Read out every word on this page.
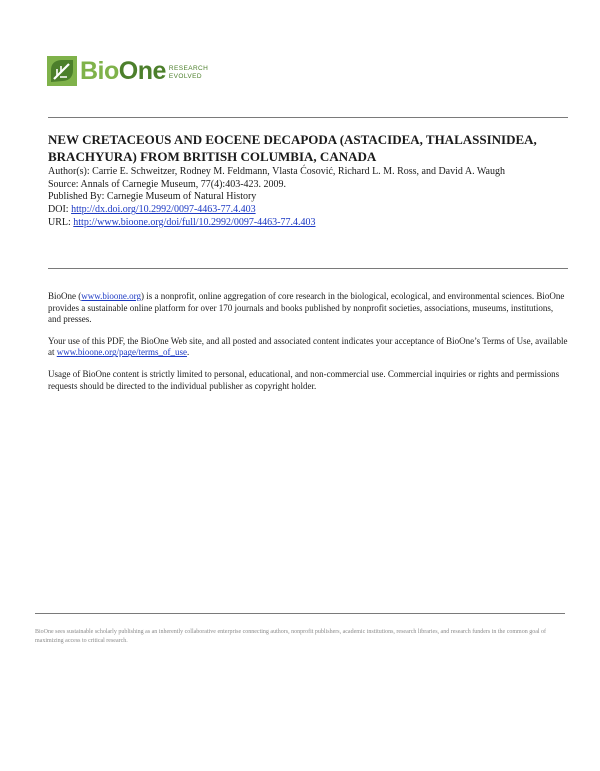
BioOne RESEARCH
EVOLVED
NEW CRETACEOUS AND EOCENE DECAPODA (ASTACIDEA, THALASSINIDEA, BRACHYURA) FROM BRITISH COLUMBIA, CANADA
Author(s): Carrie E. Schweitzer, Rodney M. Feldmann, Vlasta Ćosović, Richard L. M. Ross, and David A. Waugh
Source: Annals of Carnegie Museum, 77(4):403-423. 2009.
Published By: Carnegie Museum of Natural History
DOI: http://dx.doi.org/10.2992/0097-4463-77.4.403
URL: http://www.bioone.org/doi/full/10.2992/0097-4463-77.4.403

BioOne (www.bioone.org) is a nonprofit, online aggregation of core research in the biological, ecological, and environmental sciences. BioOne provides a sustainable online platform for over 170 journals and books published by nonprofit societies, associations, museums, institutions, and presses.

Your use of this PDF, the BioOne Web site, and all posted and associated content indicates your acceptance of BioOne’s Terms of Use, available at www.bioone.org/page/terms_of_use.

Usage of BioOne content is strictly limited to personal, educational, and non-commercial use. Commercial inquiries or rights and permissions requests should be directed to the individual publisher as copyright holder.

BioOne sees sustainable scholarly publishing as an inherently collaborative enterprise connecting authors, nonprofit publishers, academic institutions, research libraries, and research funders in the common goal of maximizing access to critical research.
